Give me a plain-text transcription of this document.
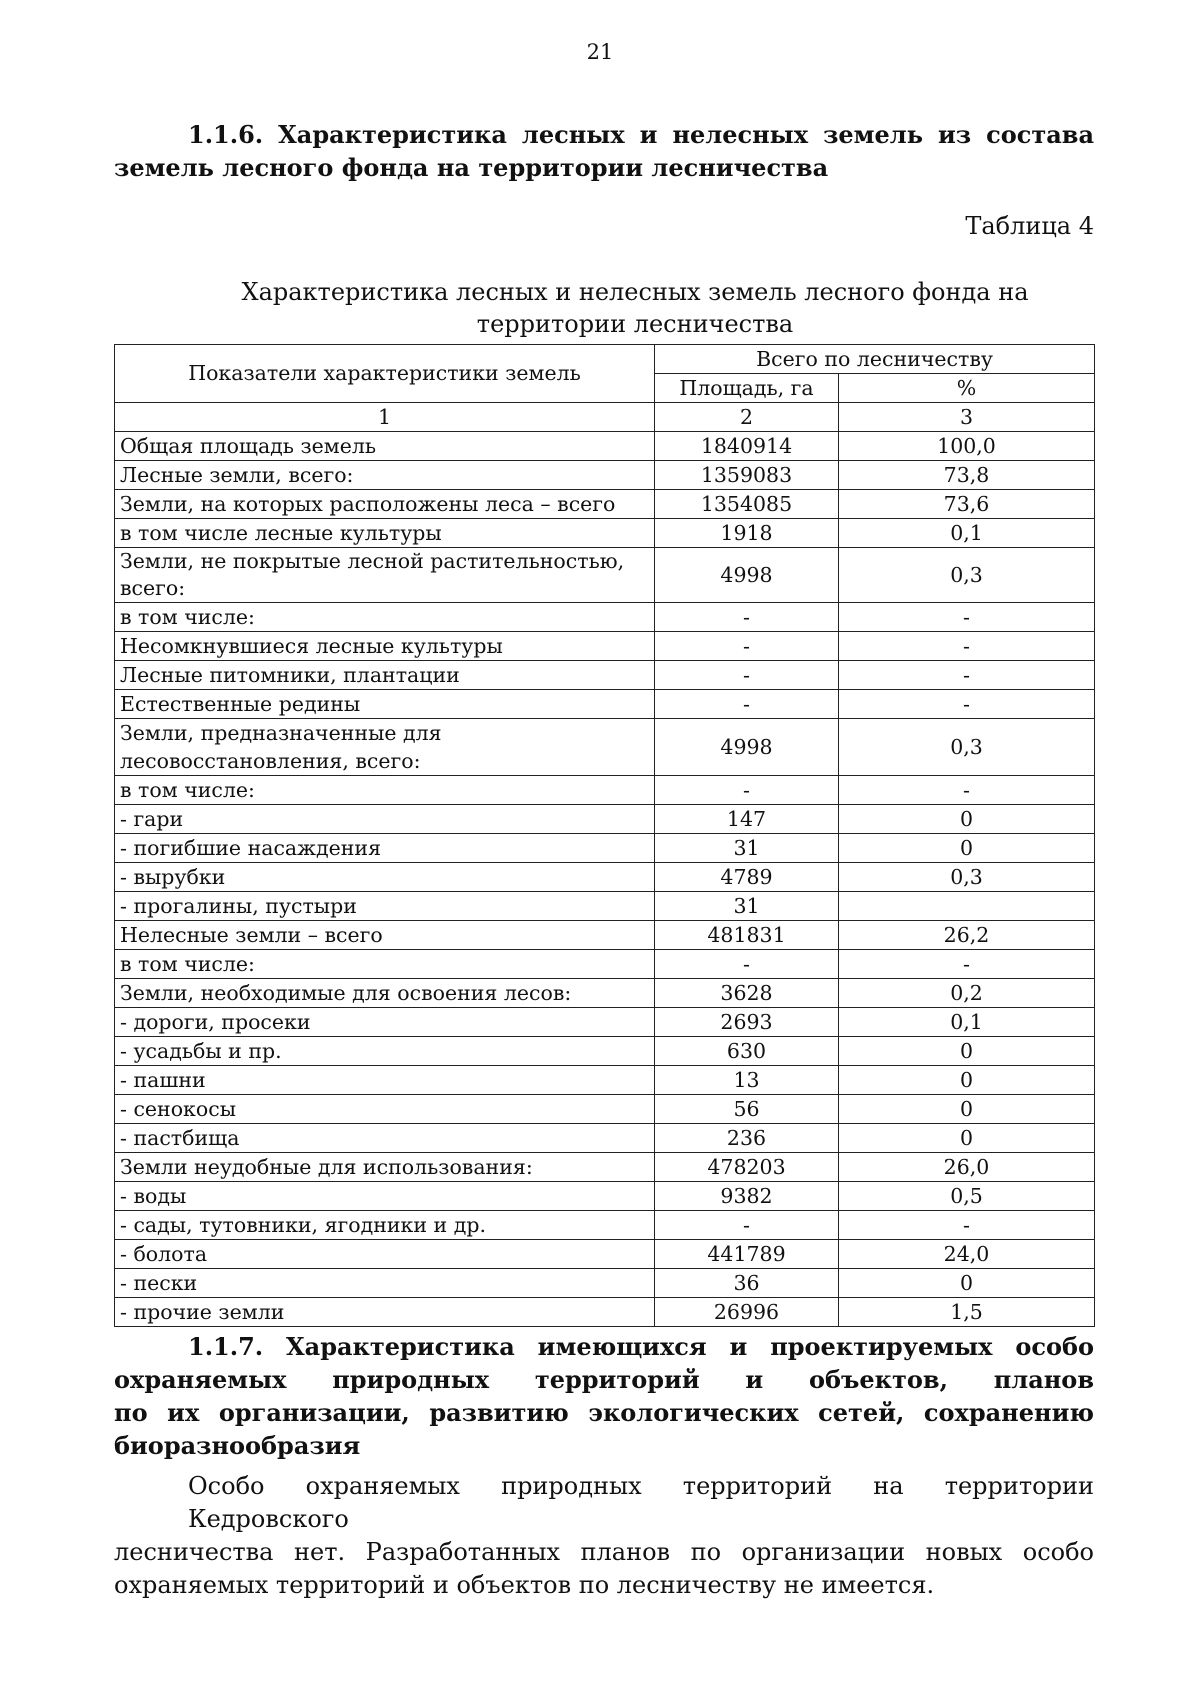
21
1.1.6. Характеристика лесных и нелесных земель из состава земель лесного фонда на территории лесничества
Таблица 4
Характеристика лесных и нелесных земель лесного фонда на территории лесничества
Показатели характеристики земель	Всего по лесничеству	
	Площадь, га	%
1	2	3
Общая площадь земель	1840914	100,0
Лесные земли, всего:	1359083	73,8
Земли, на которых расположены леса – всего	1354085	73,6
в том числе лесные культуры	1918	0,1
Земли, не покрытые лесной растительностью, всего:	4998	0,3
в том числе:	-	-
Несомкнувшиеся лесные культуры	-	-
Лесные питомники, плантации	-	-
Естественные редины	-	-
Земли, предназначенные для лесовосстановления, всего:	4998	0,3
в том числе:	-	-
- гари	147	0
- погибшие насаждения	31	0
- вырубки	4789	0,3
- прогалины, пустыри	31	
Нелесные земли – всего	481831	26,2
в том числе:	-	-
Земли, необходимые для освоения лесов:	3628	0,2
- дороги, просеки	2693	0,1
- усадьбы и пр.	630	0
- пашни	13	0
- сенокосы	56	0
- пастбища	236	0
Земли неудобные для использования:	478203	26,0
- воды	9382	0,5
- сады, тутовники, ягодники и др.	-	-
- болота	441789	24,0
- пески	36	0
- прочие земли	26996	1,5
1.1.7. Характеристика имеющихся и проектируемых особо
охраняемых природных территорий и объектов, планов
по их организации, развитию экологических сетей, сохранению
биоразнообразия
Особо охраняемых природных территорий на территории Кедровского
лесничества нет. Разработанных планов по организации новых особо
охраняемых территорий и объектов по лесничеству не имеется.
